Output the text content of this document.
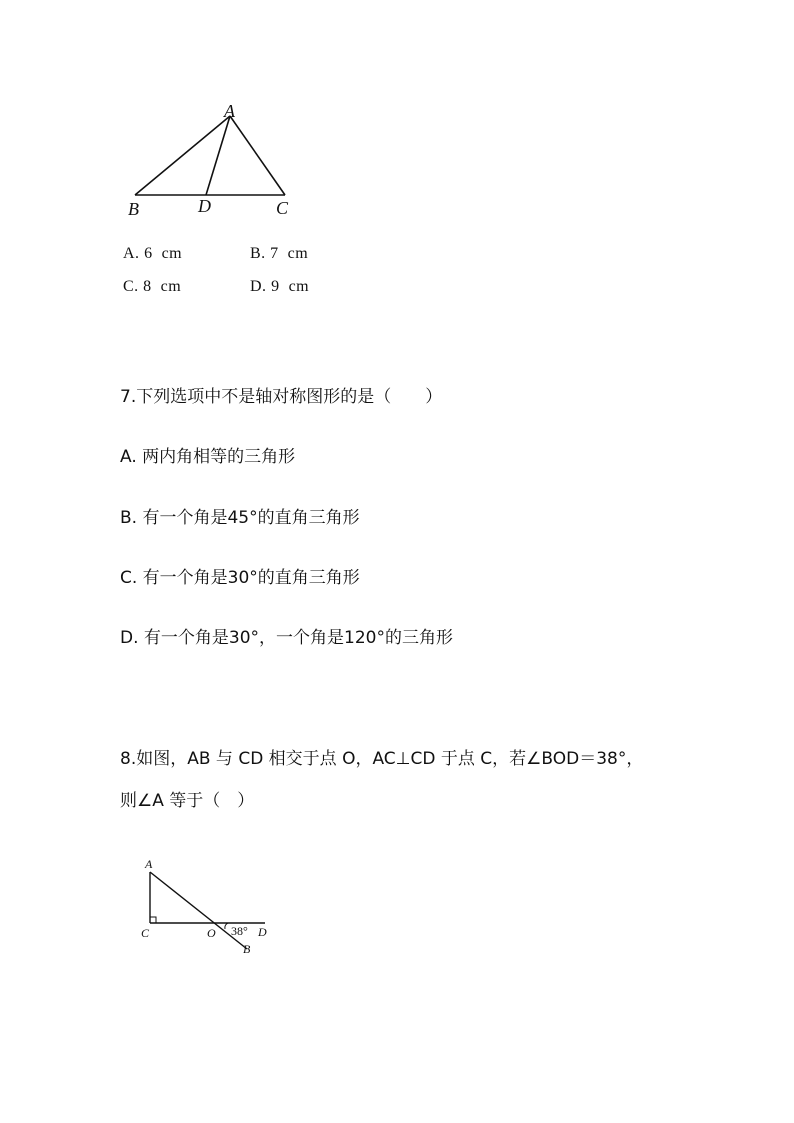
A
B	D	C
A. 6  cm	B. 7  cm
C. 8  cm	D. 9  cm
7.下列选项中不是轴对称图形的是（　　）
A. 两内角相等的三角形
B. 有一个角是45°的直角三角形
C. 有一个角是30°的直角三角形
D. 有一个角是30°，一个角是120°的三角形
8.如图，AB 与 CD 相交于点 O，AC⊥CD 于点 C，若∠BOD＝38°，
则∠A 等于（　）
A
C	O 38° D
B
